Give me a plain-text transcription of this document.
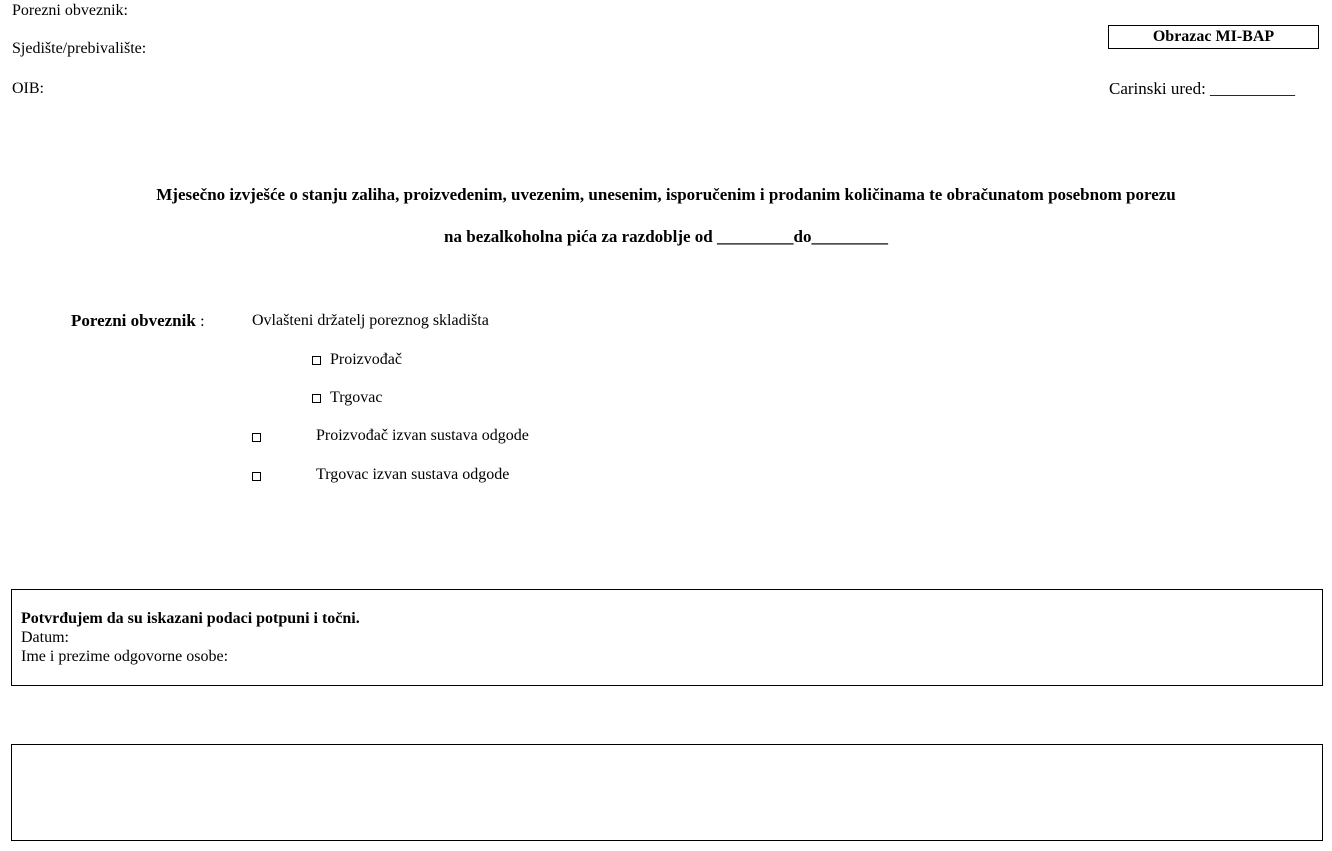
Porezni obveznik:
Sjedište/prebivalište:
OIB:
Obrazac MI-BAP
Carinski ured: __________
Mjesečno izvješće o stanju zaliha, proizvedenim, uvezenim, unesenim, isporučenim i prodanim količinama te obračunatom posebnom porezu
na bezalkoholna pića za razdoblje od _________do_________
Porezni obveznik :	Ovlašteni držatelj poreznog skladišta
Proizvođač
Trgovac
Proizvođač izvan sustava odgode
Trgovac izvan sustava odgode
Potvrđujem da su iskazani podaci potpuni i točni.
Datum:
Ime i prezime odgovorne osobe:
